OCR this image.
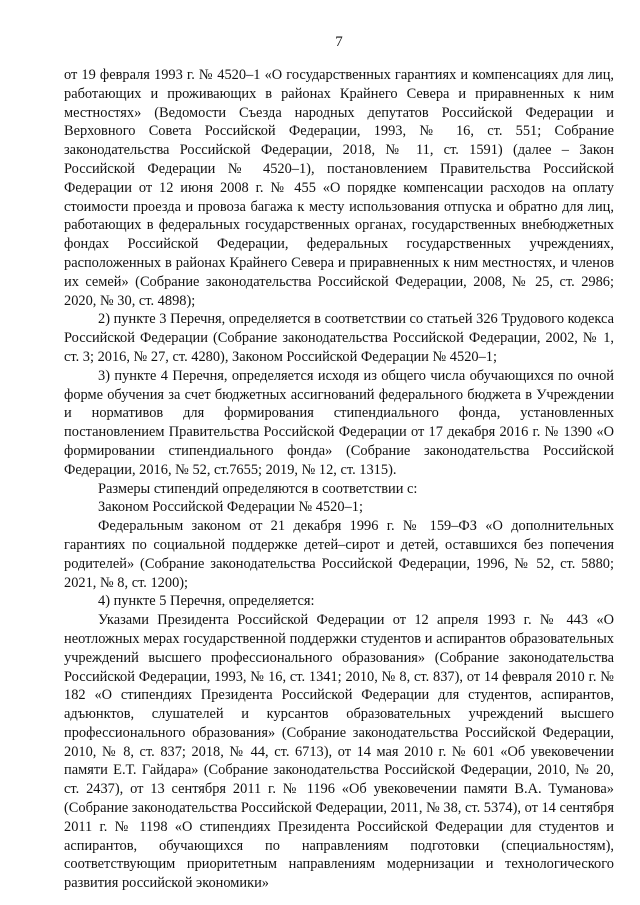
7

от 19 февраля 1993 г. № 4520–1 «О государственных гарантиях и компенсациях для лиц, работающих и проживающих в районах Крайнего Севера и приравненных к ним местностях» (Ведомости Съезда народных депутатов Российской Федерации и Верховного Совета Российской Федерации, 1993, № 16, ст. 551; Собрание законодательства Российской Федерации, 2018, № 11, ст. 1591) (далее – Закон Российской Федерации № 4520–1), постановлением Правительства Российской Федерации от 12 июня 2008 г. № 455 «О порядке компенсации расходов на оплату стоимости проезда и провоза багажа к месту использования отпуска и обратно для лиц, работающих в федеральных государственных органах, государственных внебюджетных фондах Российской Федерации, федеральных государственных учреждениях, расположенных в районах Крайнего Севера и приравненных к ним местностях, и членов их семей» (Собрание законодательства Российской Федерации, 2008, № 25, ст. 2986; 2020, № 30, ст. 4898);

2) пункте 3 Перечня, определяется в соответствии со статьей 326 Трудового кодекса Российской Федерации (Собрание законодательства Российской Федерации, 2002, № 1, ст. 3; 2016, № 27, ст. 4280), Законом Российской Федерации № 4520–1;

3) пункте 4 Перечня, определяется исходя из общего числа обучающихся по очной форме обучения за счет бюджетных ассигнований федерального бюджета в Учреждении и нормативов для формирования стипендиального фонда, установленных постановлением Правительства Российской Федерации от 17 декабря 2016 г. № 1390 «О формировании стипендиального фонда» (Собрание законодательства Российской Федерации, 2016, № 52, ст.7655; 2019, № 12, ст. 1315).

Размеры стипендий определяются в соответствии с:

Законом Российской Федерации № 4520–1;

Федеральным законом от 21 декабря 1996 г. № 159–ФЗ «О дополнительных гарантиях по социальной поддержке детей–сирот и детей, оставшихся без попечения родителей» (Собрание законодательства Российской Федерации, 1996, № 52, ст. 5880; 2021, № 8, ст. 1200);

4) пункте 5 Перечня, определяется:

Указами Президента Российской Федерации от 12 апреля 1993 г. № 443 «О неотложных мерах государственной поддержки студентов и аспирантов образовательных учреждений высшего профессионального образования» (Собрание законодательства Российской Федерации, 1993, № 16, ст. 1341; 2010, № 8, ст. 837), от 14 февраля 2010 г. № 182 «О стипендиях Президента Российской Федерации для студентов, аспирантов, адъюнктов, слушателей и курсантов образовательных учреждений высшего профессионального образования» (Собрание законодательства Российской Федерации, 2010, № 8, ст. 837; 2018, № 44, ст. 6713), от 14 мая 2010 г. № 601 «Об увековечении памяти Е.Т. Гайдара» (Собрание законодательства Российской Федерации, 2010, № 20, ст. 2437), от 13 сентября 2011 г. № 1196 «Об увековечении памяти В.А. Туманова» (Собрание законодательства Российской Федерации, 2011, № 38, ст. 5374), от 14 сентября 2011 г. № 1198 «О стипендиях Президента Российской Федерации для студентов и аспирантов, обучающихся по направлениям подготовки (специальностям), соответствующим приоритетным направлениям модернизации и технологического развития российской экономики»
